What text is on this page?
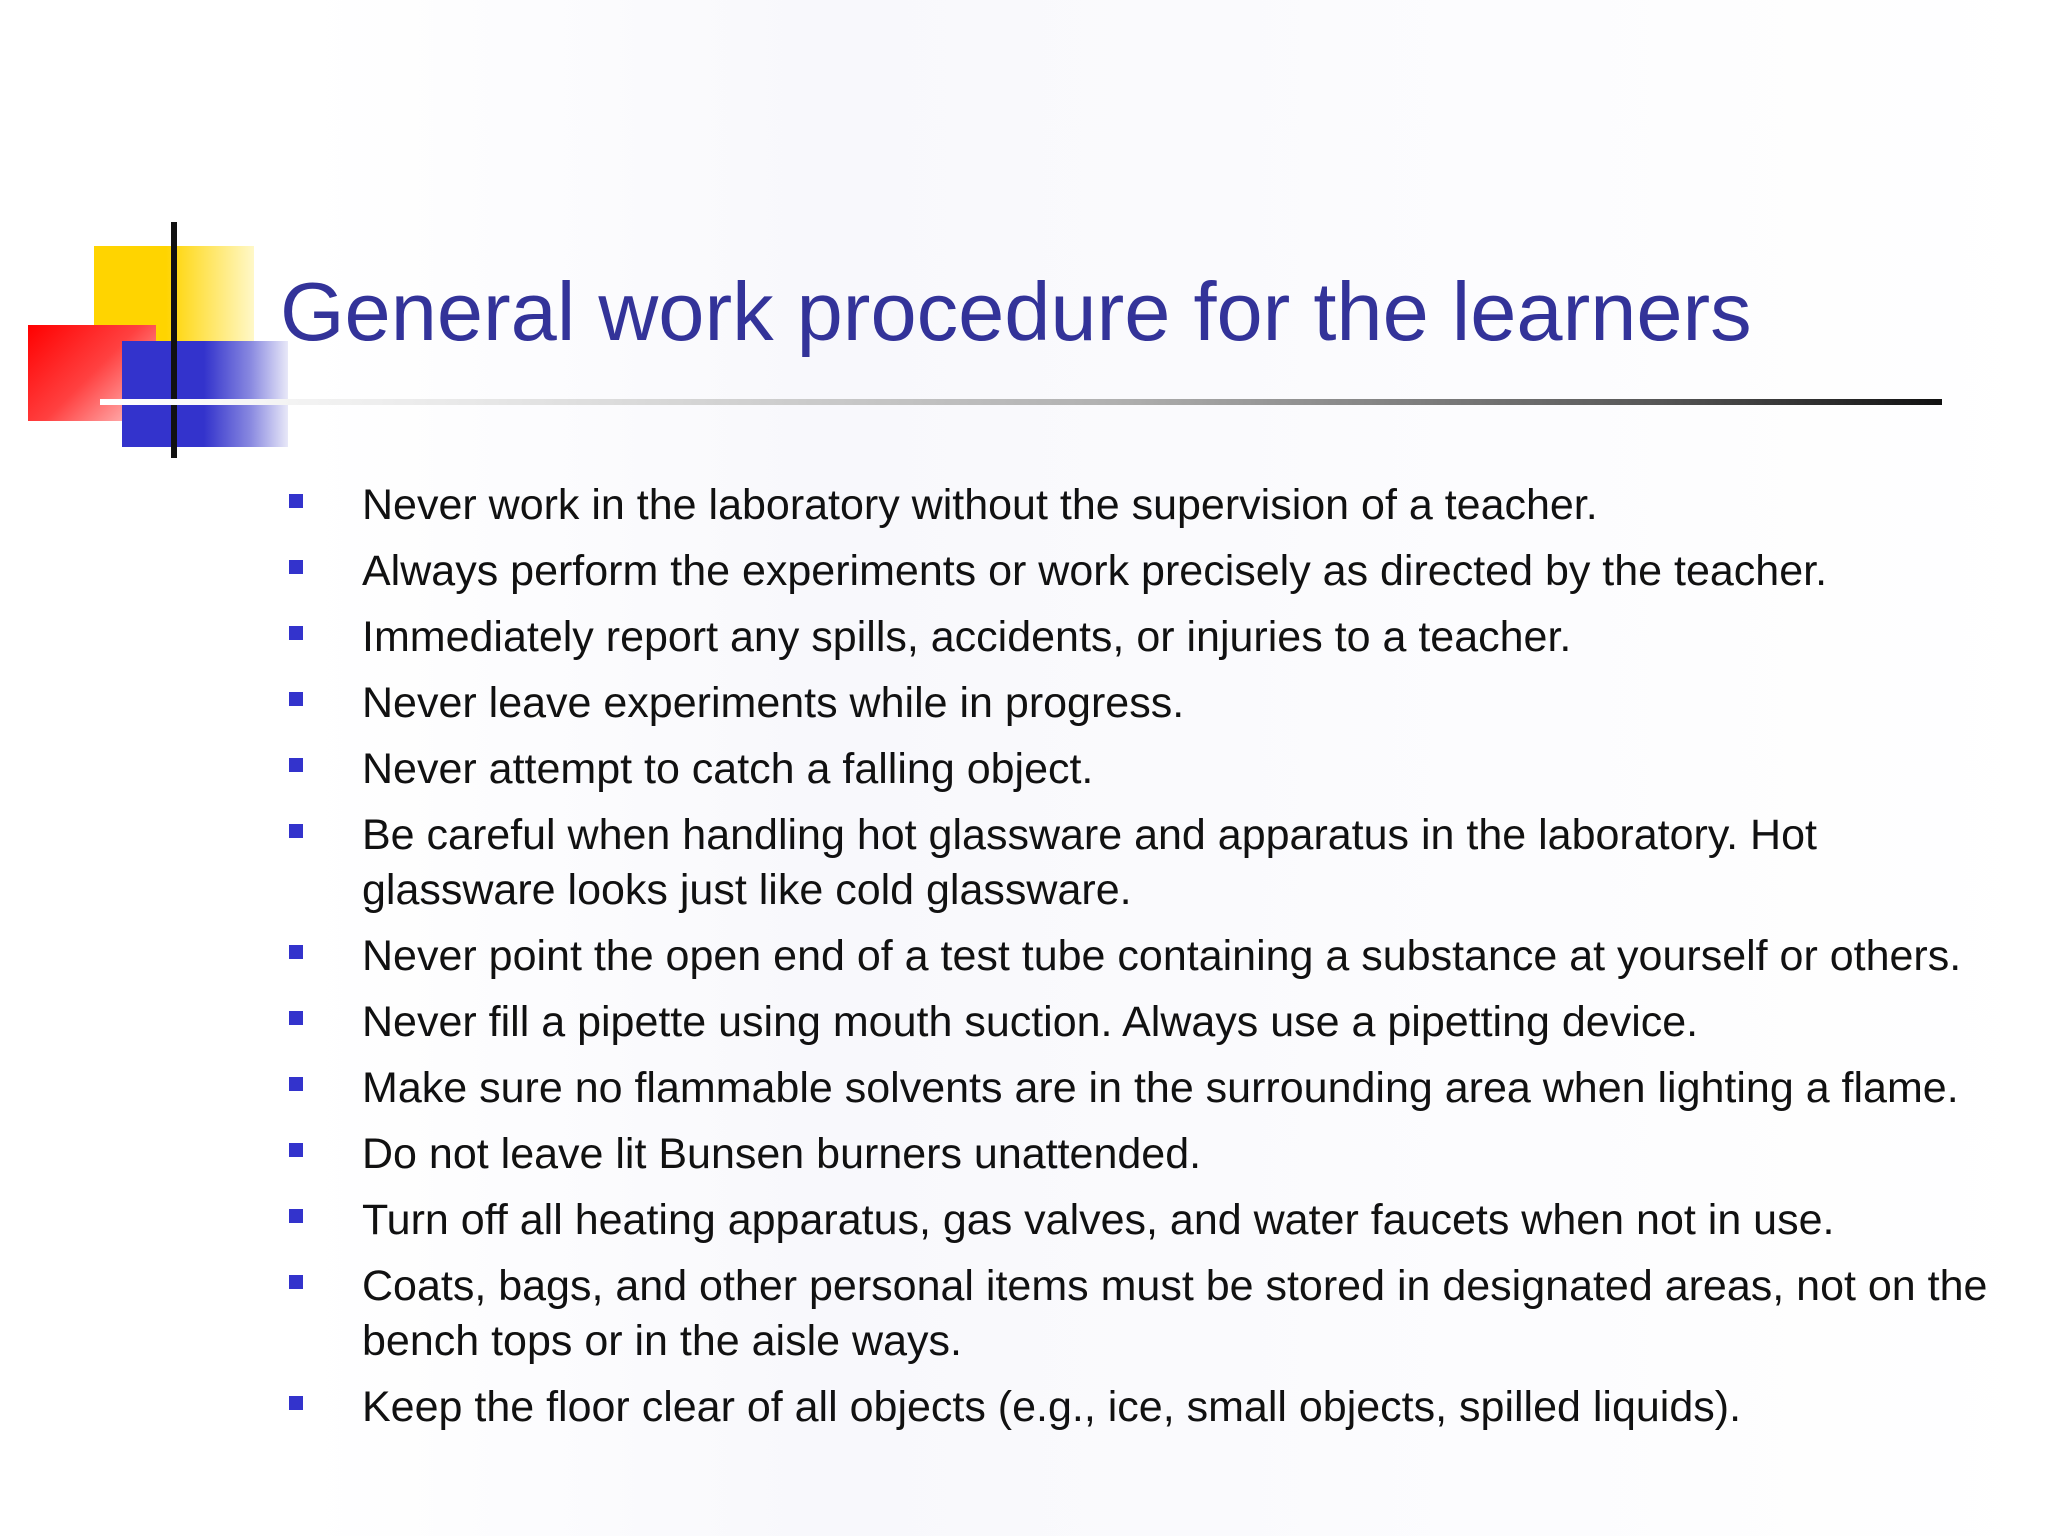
General work procedure for the learners
Never work in the laboratory without the supervision of a teacher.
Always perform the experiments or work precisely as directed by the teacher.
Immediately report any spills, accidents, or injuries to a teacher.
Never leave experiments while in progress.
Never attempt to catch a falling object.
Be careful when handling hot glassware and apparatus in the laboratory. Hot glassware looks just like cold glassware.
Never point the open end of a test tube containing a substance at yourself or others.
Never fill a pipette using mouth suction. Always use a pipetting device.
Make sure no flammable solvents are in the surrounding area when lighting a flame.
Do not leave lit Bunsen burners unattended.
Turn off all heating apparatus, gas valves, and water faucets when not in use.
Coats, bags, and other personal items must be stored in designated areas, not on the bench tops or in the aisle ways.
Keep the floor clear of all objects (e.g., ice, small objects, spilled liquids).
